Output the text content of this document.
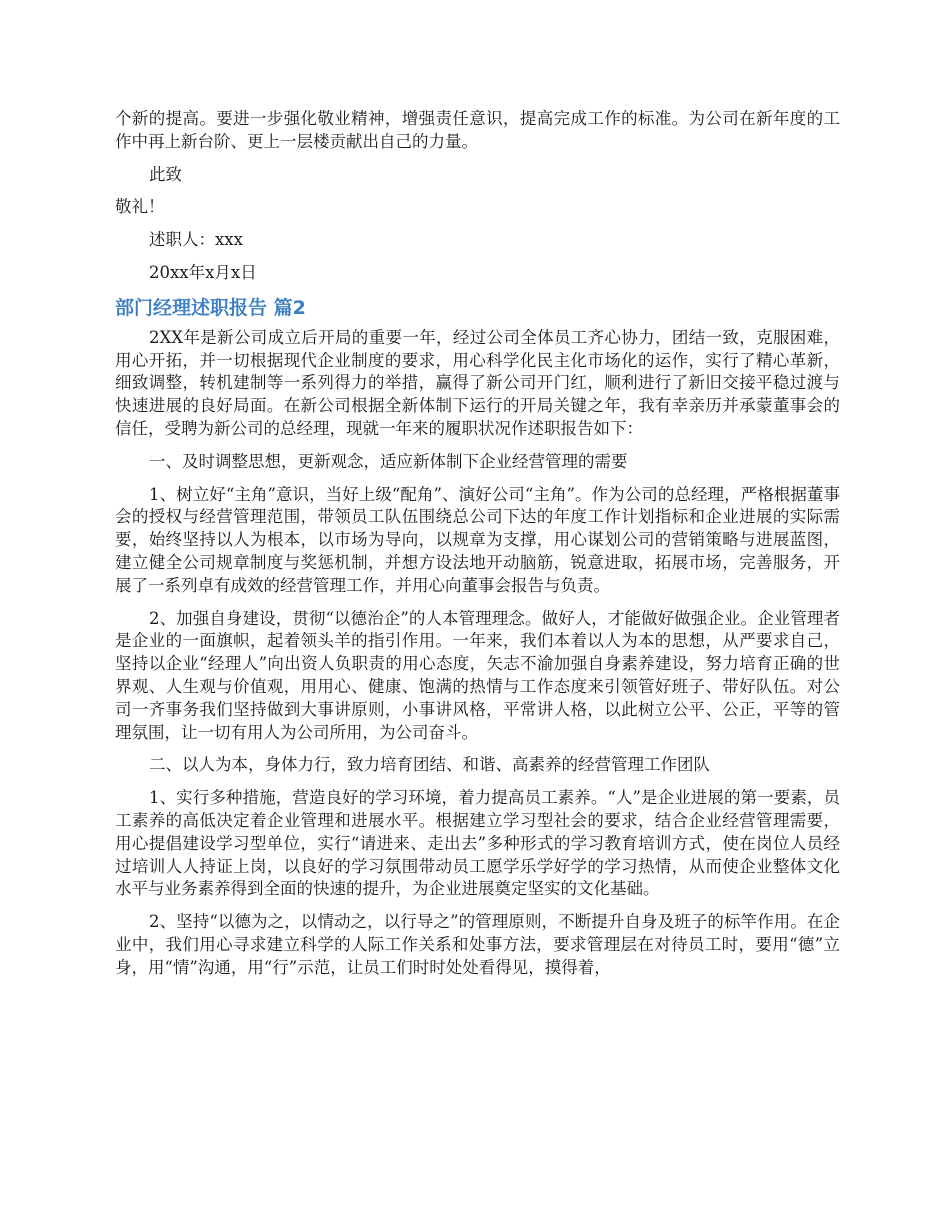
个新的提高。要进一步强化敬业精神，增强责任意识，提高完成工作的标准。为公司在新年度的工作中再上新台阶、更上一层楼贡献出自己的力量。

此致

敬礼！

述职人：xxx

20xx年x月x日

部门经理述职报告 篇2

2XX年是新公司成立后开局的重要一年，经过公司全体员工齐心协力，团结一致，克服困难，用心开拓，并一切根据现代企业制度的要求，用心科学化民主化市场化的运作，实行了精心革新，细致调整，转机建制等一系列得力的举措，赢得了新公司开门红，顺利进行了新旧交接平稳过渡与快速进展的良好局面。在新公司根据全新体制下运行的开局关键之年，我有幸亲历并承蒙董事会的信任，受聘为新公司的总经理，现就一年来的履职状况作述职报告如下：

一、及时调整思想，更新观念，适应新体制下企业经营管理的需要

1、树立好“主角”意识，当好上级“配角”、演好公司“主角”。作为公司的总经理，严格根据董事会的授权与经营管理范围，带领员工队伍围绕总公司下达的年度工作计划指标和企业进展的实际需要，始终坚持以人为根本，以市场为导向，以规章为支撑，用心谋划公司的营销策略与进展蓝图，建立健全公司规章制度与奖惩机制，并想方设法地开动脑筋，锐意进取，拓展市场，完善服务，开展了一系列卓有成效的经营管理工作，并用心向董事会报告与负责。

2、加强自身建设，贯彻“以德治企”的人本管理理念。做好人，才能做好做强企业。企业管理者是企业的一面旗帜，起着领头羊的指引作用。一年来，我们本着以人为本的思想，从严要求自己，坚持以企业“经理人”向出资人负职责的用心态度，矢志不渝加强自身素养建设，努力培育正确的世界观、人生观与价值观，用用心、健康、饱满的热情与工作态度来引领管好班子、带好队伍。对公司一齐事务我们坚持做到大事讲原则，小事讲风格，平常讲人格，以此树立公平、公正，平等的管理氛围，让一切有用人为公司所用，为公司奋斗。

二、以人为本，身体力行，致力培育团结、和谐、高素养的经营管理工作团队

1、实行多种措施，营造良好的学习环境，着力提高员工素养。“人”是企业进展的第一要素，员工素养的高低决定着企业管理和进展水平。根据建立学习型社会的要求，结合企业经营管理需要，用心提倡建设学习型单位，实行“请进来、走出去”多种形式的学习教育培训方式，使在岗位人员经过培训人人持证上岗，以良好的学习氛围带动员工愿学乐学好学的学习热情，从而使企业整体文化水平与业务素养得到全面的快速的提升，为企业进展奠定坚实的文化基础。

2、坚持“以德为之，以情动之，以行导之”的管理原则，不断提升自身及班子的标竿作用。在企业中，我们用心寻求建立科学的人际工作关系和处事方法，要求管理层在对待员工时，要用“德”立身，用“情”沟通，用“行”示范，让员工们时时处处看得见，摸得着，
